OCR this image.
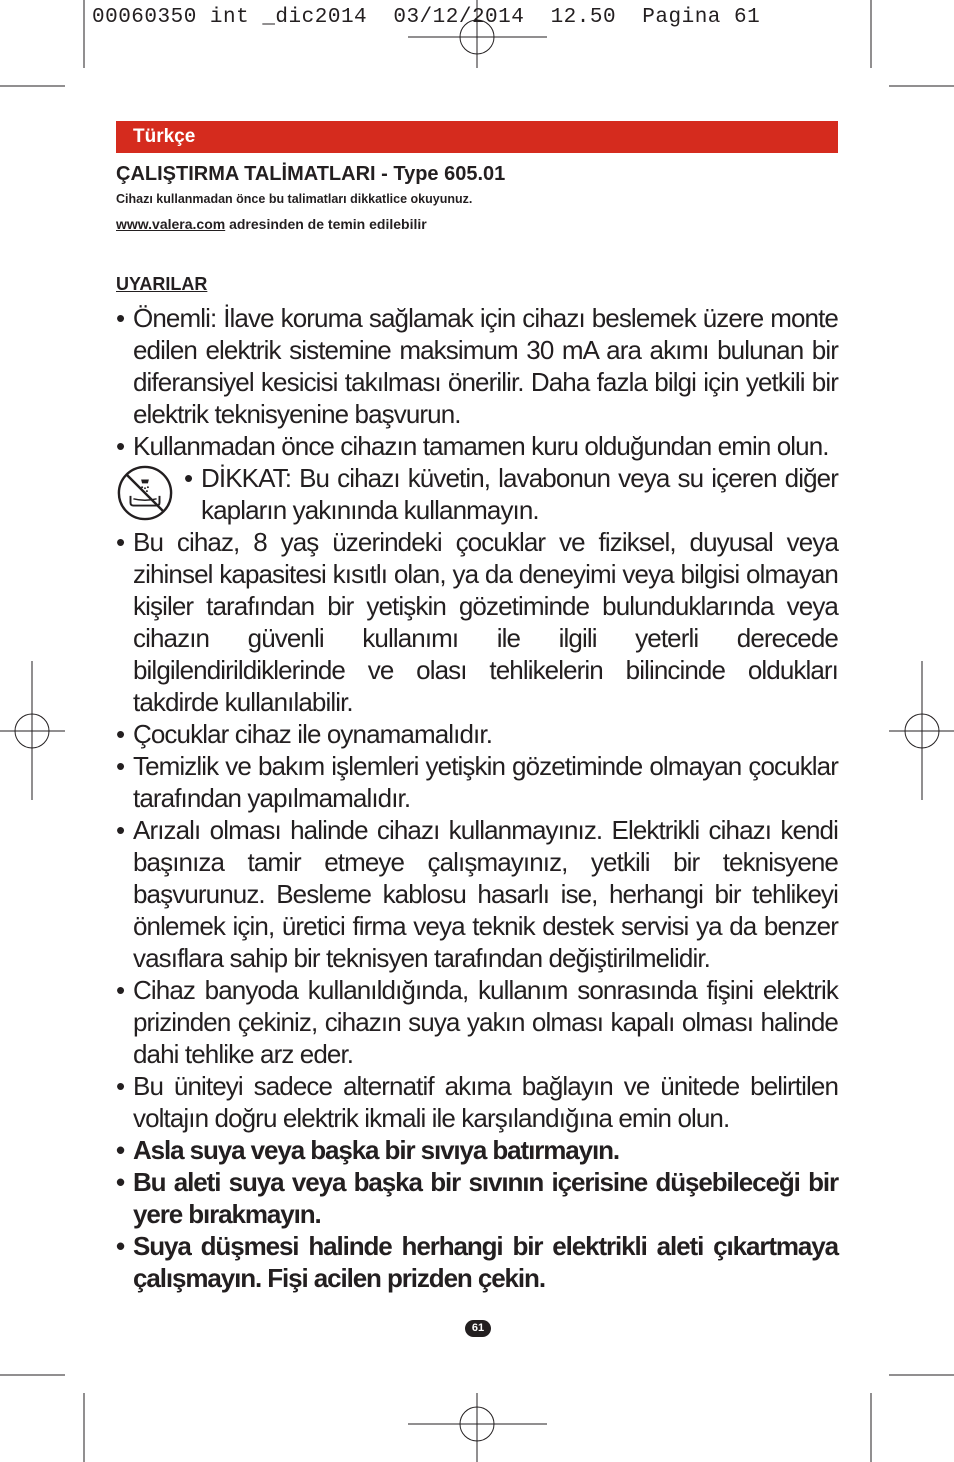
00060350 int _dic2014  03/12/2014  12.50  Pagina 61
Türkçe
ÇALIŞTIRMA TALİMATLARI - Type 605.01
Cihazı kullanmadan önce bu talimatları dikkatlice okuyunuz.
www.valera.com adresinden de temin edilebilir
UYARILAR
• Önemli: İlave koruma sağlamak için cihazı beslemek üzere monte edilen elektrik sistemine maksimum 30 mA ara akımı bulunan bir diferansiyel kesicisi takılması önerilir. Daha fazla bilgi için yetkili bir elektrik teknisyenine başvurun.
• Kullanmadan önce cihazın tamamen kuru olduğundan emin olun.
• DİKKAT: Bu cihazı küvetin, lavabonun veya su içeren diğer kapların yakınında kullanmayın.
• Bu cihaz, 8 yaş üzerindeki çocuklar ve fiziksel, duyusal veya zihinsel kapasitesi kısıtlı olan, ya da deneyimi veya bilgisi olmayan kişiler tarafından bir yetişkin gözetiminde bulunduklarında veya cihazın güvenli kullanımı ile ilgili yeterli derecede bilgilendirildiklerinde ve olası tehlikelerin bilincinde oldukları takdirde kullanılabilir.
• Çocuklar cihaz ile oynamamalıdır.
• Temizlik ve bakım işlemleri yetişkin gözetiminde olmayan çocuklar tarafından yapılmamalıdır.
• Arızalı olması halinde cihazı kullanmayınız. Elektrikli cihazı kendi başınıza tamir etmeye çalışmayınız, yetkili bir teknisyene başvurunuz. Besleme kablosu hasarlı ise, herhangi bir tehlikeyi önlemek için, üretici firma veya teknik destek servisi ya da benzer vasıflara sahip bir teknisyen tarafından değiştirilmelidir.
• Cihaz banyoda kullanıldığında, kullanım sonrasında fişini elektrik prizinden çekiniz, cihazın suya yakın olması kapalı olması halinde dahi tehlike arz eder.
• Bu üniteyi sadece alternatif akıma bağlayın ve ünitede belirtilen voltajın doğru elektrik ikmali ile karşılandığına emin olun.
• Asla suya veya başka bir sıvıya batırmayın.
• Bu aleti suya veya başka bir sıvının içerisine düşebileceği bir yere bırakmayın.
• Suya düşmesi halinde herhangi bir elektrikli aleti çıkartmaya çalışmayın. Fişi acilen prizden çekin.
61
